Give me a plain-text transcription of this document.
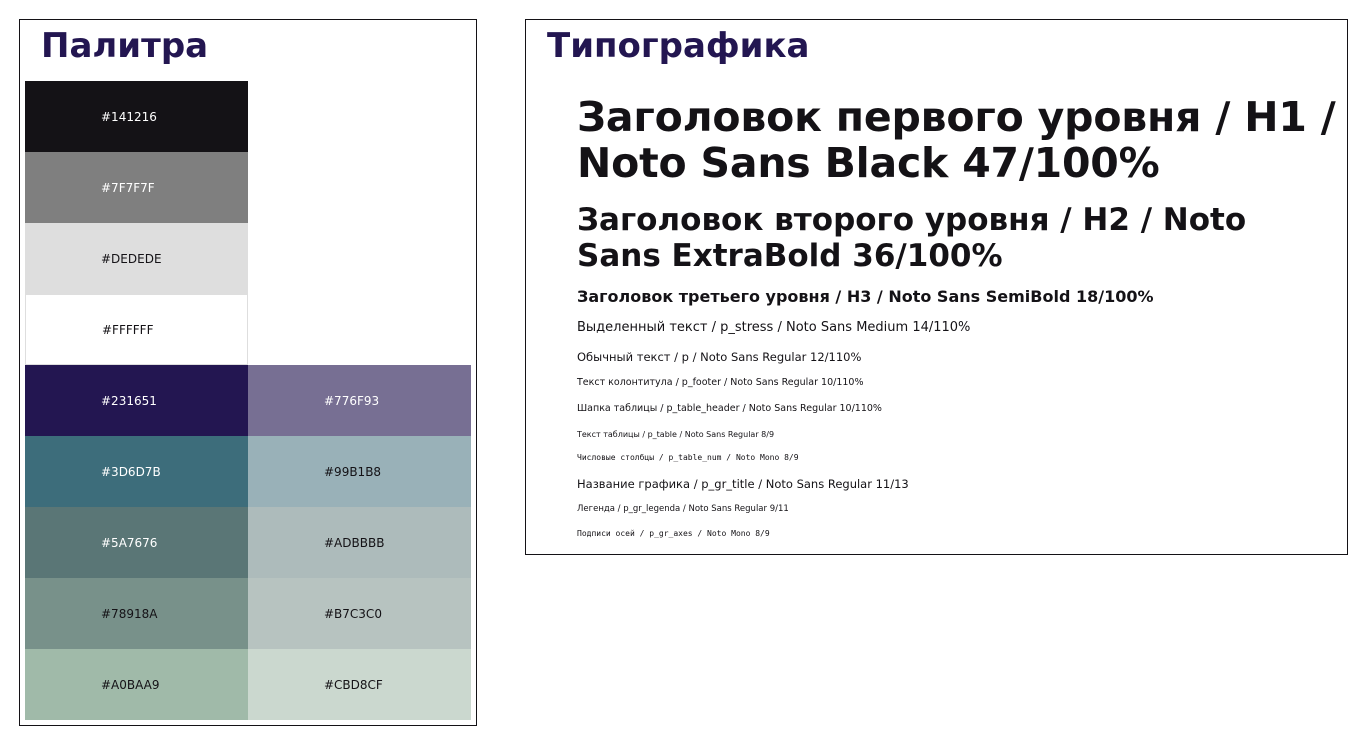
Палитра
#141216
#7F7F7F
#DEDEDE
#FFFFFF
#231651	#776F93
#3D6D7B	#99B1B8
#5A7676	#ADBBBB
#78918A	#B7C3C0
#A0BAA9	#CBD8CF
Типографика

Заголовок первого уровня / H1 / Noto Sans Black 47/100%

Заголовок второго уровня / H2 / Noto Sans ExtraBold 36/100%

Заголовок третьего уровня / H3 / Noto Sans SemiBold 18/100%

Выделенный текст / p_stress / Noto Sans Medium 14/110%

Обычный текст / p / Noto Sans Regular 12/110%

Текст колонтитула / p_footer / Noto Sans Regular 10/110%

Шапка таблицы / p_table_header / Noto Sans Regular 10/110%

Текст таблицы / p_table / Noto Sans Regular 8/9

Числовые столбцы / p_table_num / Noto Mono 8/9

Название графика / p_gr_title / Noto Sans Regular 11/13

Легенда / p_gr_legenda / Noto Sans Regular 9/11

Подписи осей / p_gr_axes / Noto Mono 8/9
